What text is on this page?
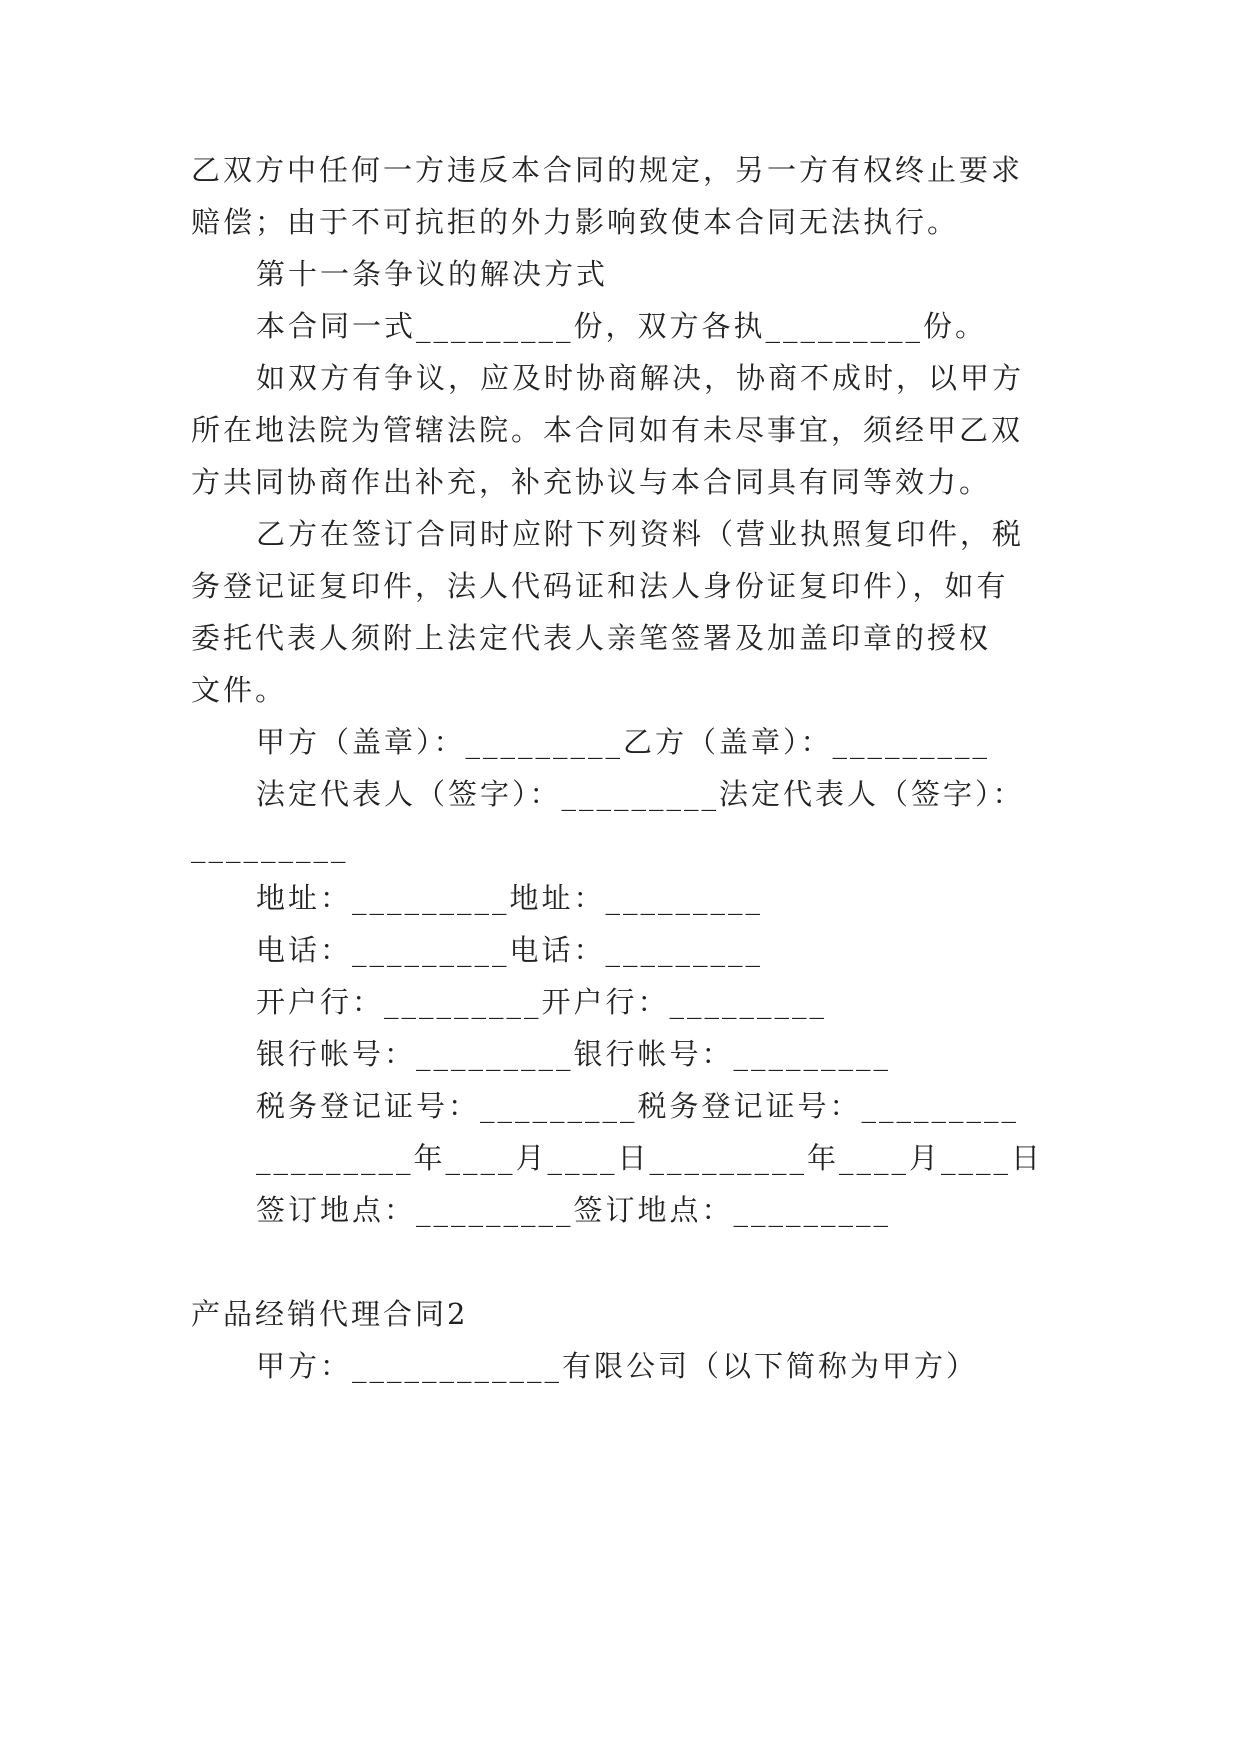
乙双方中任何一方违反本合同的规定，另一方有权终止要求
赔偿；由于不可抗拒的外力影响致使本合同无法执行。
第十一条争议的解决方式
本合同一式_________份，双方各执_________份。
如双方有争议，应及时协商解决，协商不成时，以甲方
所在地法院为管辖法院。本合同如有未尽事宜，须经甲乙双
方共同协商作出补充，补充协议与本合同具有同等效力。
乙方在签订合同时应附下列资料（营业执照复印件，税
务登记证复印件，法人代码证和法人身份证复印件），如有
委托代表人须附上法定代表人亲笔签署及加盖印章的授权
文件。
甲方（盖章）：_________乙方（盖章）：_________
法定代表人（签字）：_________法定代表人（签字）：
_________
地址：_________地址：_________
电话：_________电话：_________
开户行：_________开户行：_________
银行帐号：_________银行帐号：_________
税务登记证号：_________税务登记证号：_________
_________年____月____日_________年____月____日
签订地点：_________签订地点：_________
产品经销代理合同2
甲方：____________有限公司（以下简称为甲方）
